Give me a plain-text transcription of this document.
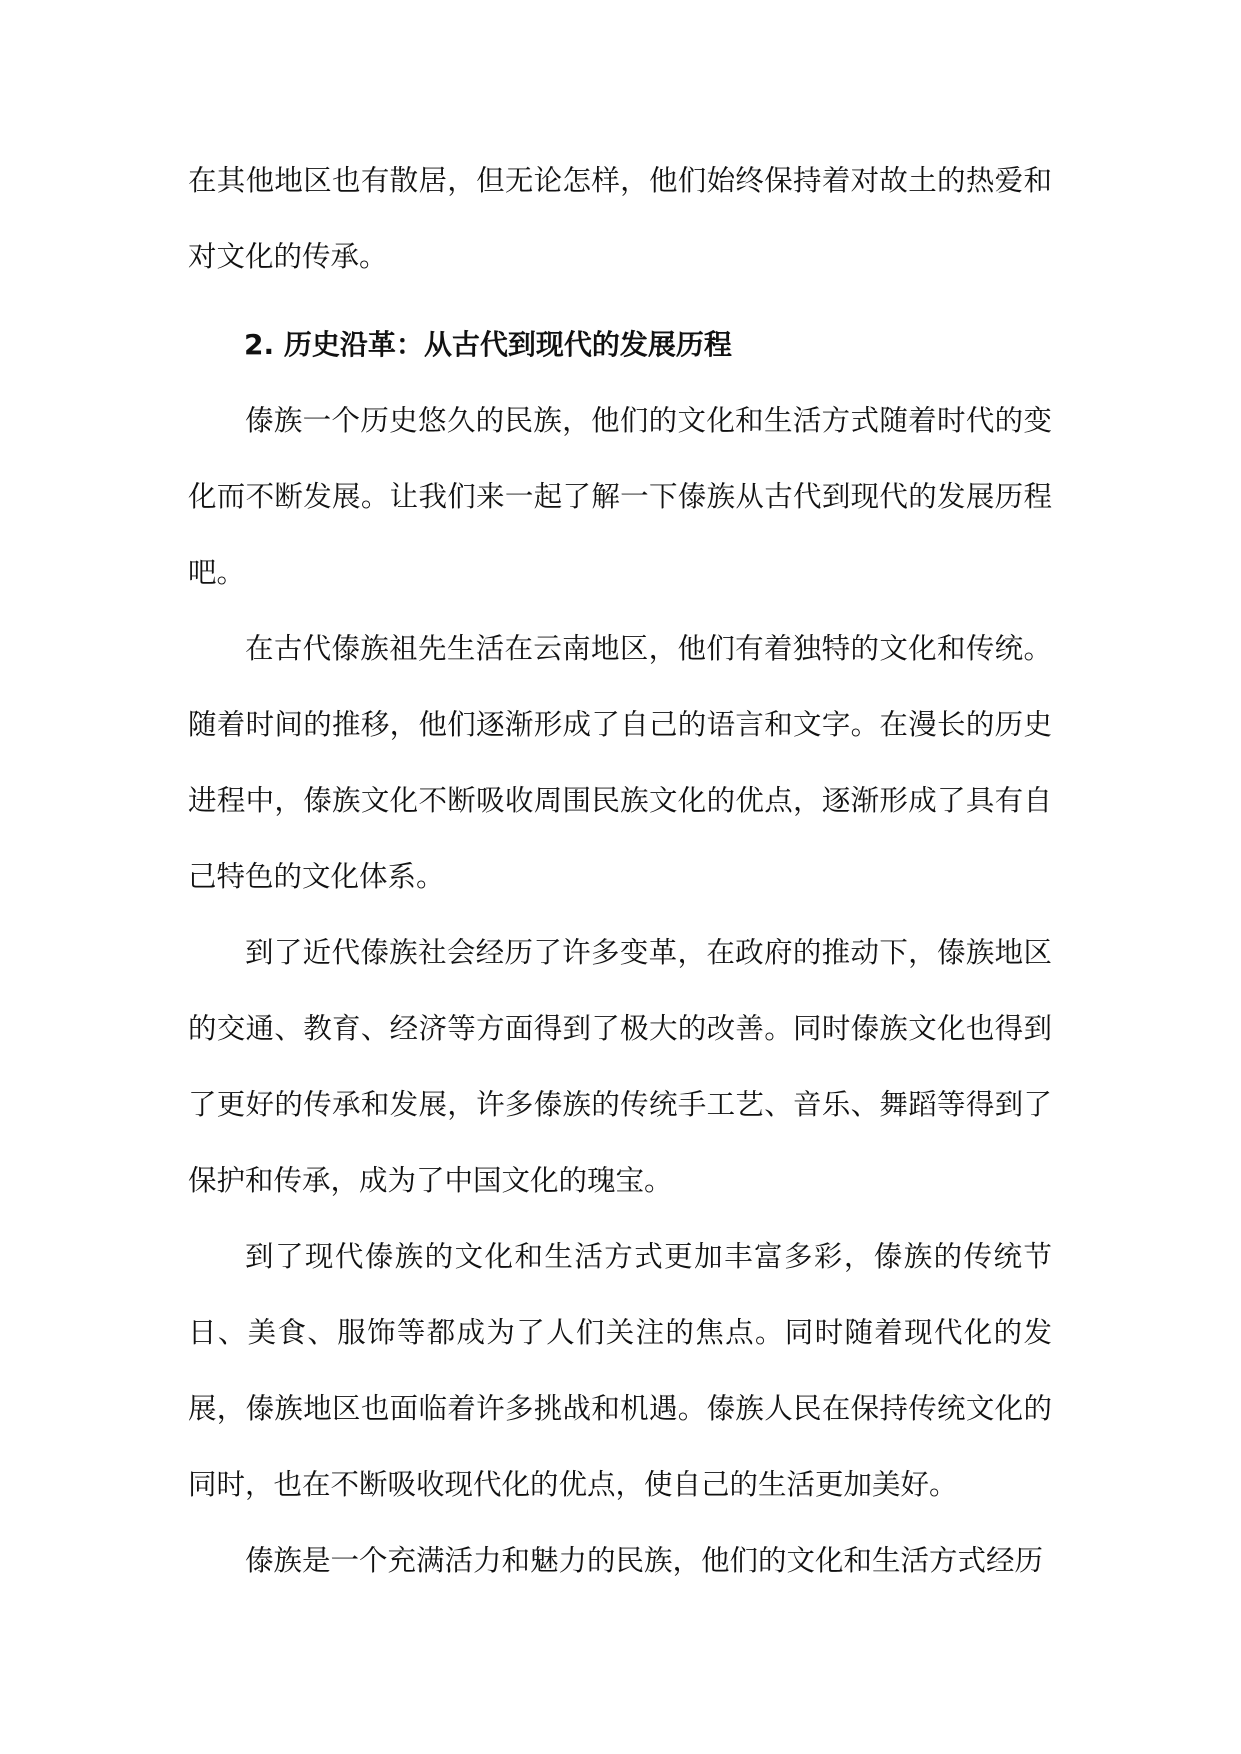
在其他地区也有散居，但无论怎样，他们始终保持着对故土的热爱和对文化的传承。

2. 历史沿革：从古代到现代的发展历程

傣族一个历史悠久的民族，他们的文化和生活方式随着时代的变化而不断发展。让我们来一起了解一下傣族从古代到现代的发展历程吧。

在古代傣族祖先生活在云南地区，他们有着独特的文化和传统。随着时间的推移，他们逐渐形成了自己的语言和文字。在漫长的历史进程中，傣族文化不断吸收周围民族文化的优点，逐渐形成了具有自己特色的文化体系。

到了近代傣族社会经历了许多变革，在政府的推动下，傣族地区的交通、教育、经济等方面得到了极大的改善。同时傣族文化也得到了更好的传承和发展，许多傣族的传统手工艺、音乐、舞蹈等得到了保护和传承，成为了中国文化的瑰宝。

到了现代傣族的文化和生活方式更加丰富多彩，傣族的传统节日、美食、服饰等都成为了人们关注的焦点。同时随着现代化的发展，傣族地区也面临着许多挑战和机遇。傣族人民在保持传统文化的同时，也在不断吸收现代化的优点，使自己的生活更加美好。

傣族是一个充满活力和魅力的民族，他们的文化和生活方式经历
